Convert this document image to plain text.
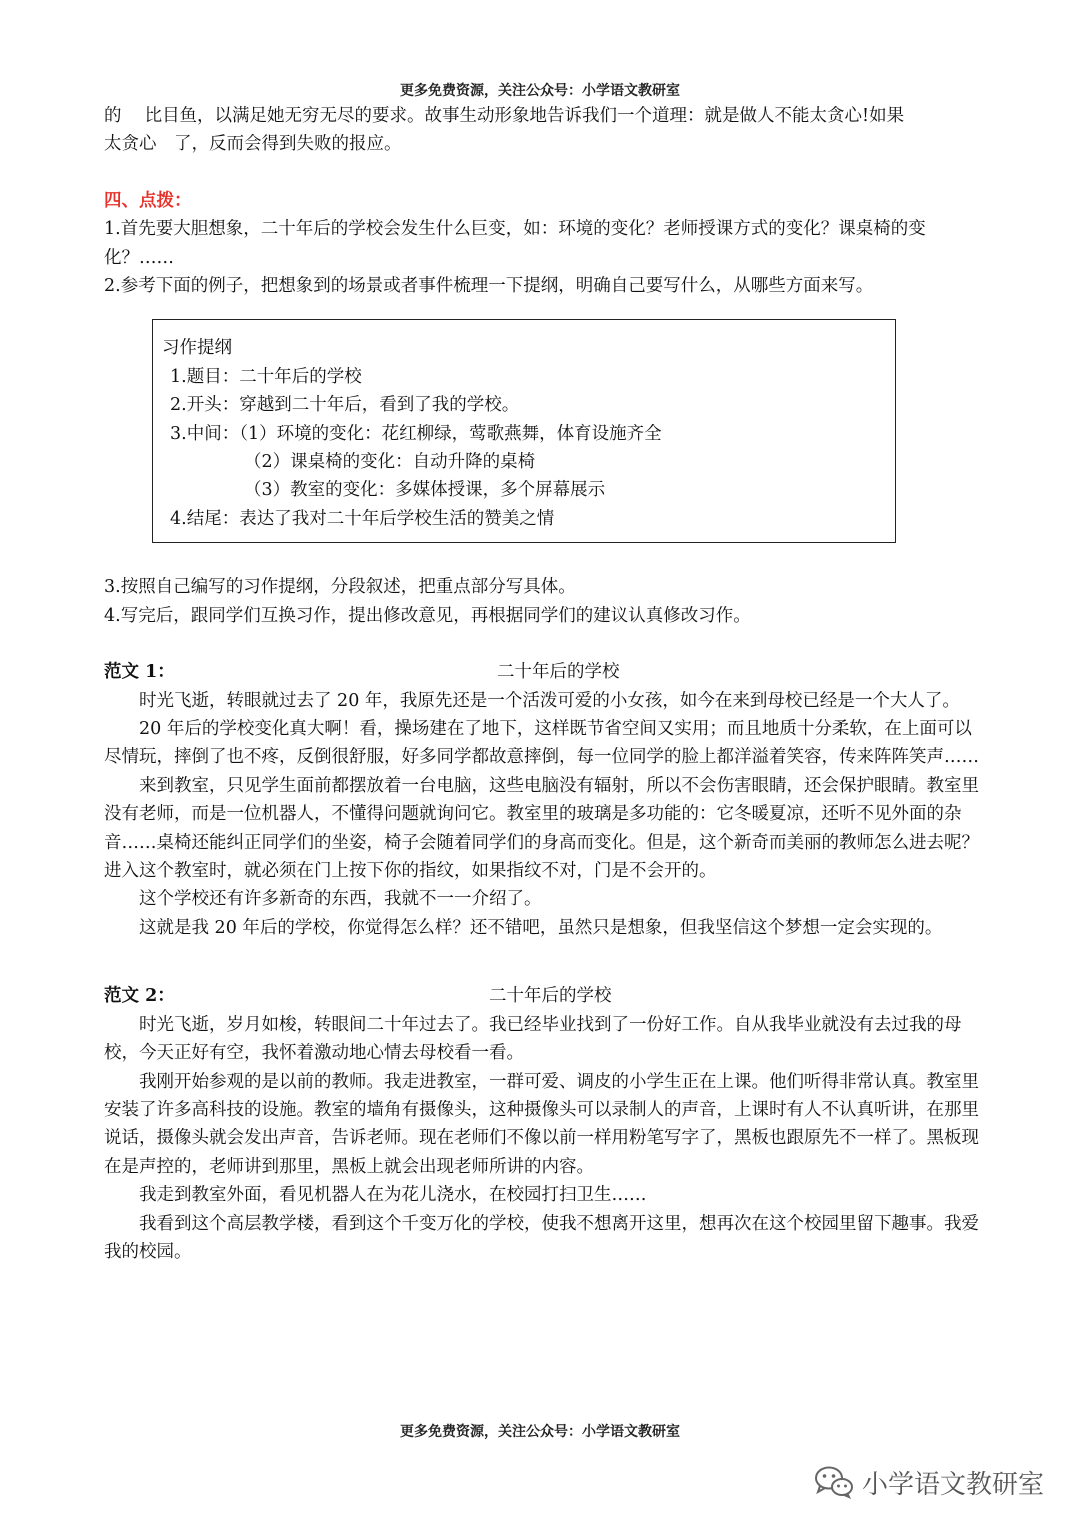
更多免费资源，关注公众号：小学语文教研室

的　 比目鱼，以满足她无穷无尽的要求。故事生动形象地告诉我们一个道理：就是做人不能太贪心!如果

太贪心　了，反而会得到失败的报应。

四、点拨：

1.首先要大胆想象，二十年后的学校会发生什么巨变，如：环境的变化？老师授课方式的变化？课桌椅的变化？……

2.参考下面的例子，把想象到的场景或者事件梳理一下提纲，明确自己要写什么，从哪些方面来写。

习作提纲

1.题目：二十年后的学校

2.开头：穿越到二十年后，看到了我的学校。

3.中间：（1）环境的变化：花红柳绿，莺歌燕舞，体育设施齐全

（2）课桌椅的变化：自动升降的桌椅

（3）教室的变化：多媒体授课，多个屏幕展示

4.结尾：表达了我对二十年后学校生活的赞美之情

3.按照自己编写的习作提纲，分段叙述，把重点部分写具体。

4.写完后，跟同学们互换习作，提出修改意见，再根据同学们的建议认真修改习作。

范文 1：	二十年后的学校

时光飞逝，转眼就过去了 20 年，我原先还是一个活泼可爱的小女孩，如今在来到母校已经是一个大人了。

20 年后的学校变化真大啊！看，操场建在了地下，这样既节省空间又实用；而且地质十分柔软，在上面可以尽情玩，摔倒了也不疼，反倒很舒服，好多同学都故意摔倒，每一位同学的脸上都洋溢着笑容，传来阵阵笑声……

来到教室，只见学生面前都摆放着一台电脑，这些电脑没有辐射，所以不会伤害眼睛，还会保护眼睛。教室里没有老师，而是一位机器人，不懂得问题就询问它。教室里的玻璃是多功能的：它冬暖夏凉，还听不见外面的杂音……桌椅还能纠正同学们的坐姿，椅子会随着同学们的身高而变化。但是，这个新奇而美丽的教师怎么进去呢？进入这个教室时，就必须在门上按下你的指纹，如果指纹不对，门是不会开的。

这个学校还有许多新奇的东西，我就不一一介绍了。

这就是我 20 年后的学校，你觉得怎么样？还不错吧，虽然只是想象，但我坚信这个梦想一定会实现的。

范文 2：	二十年后的学校

时光飞逝，岁月如梭，转眼间二十年过去了。我已经毕业找到了一份好工作。自从我毕业就没有去过我的母校，今天正好有空，我怀着激动地心情去母校看一看。

我刚开始参观的是以前的教师。我走进教室，一群可爱、调皮的小学生正在上课。他们听得非常认真。教室里安装了许多高科技的设施。教室的墙角有摄像头，这种摄像头可以录制人的声音，上课时有人不认真听讲，在那里说话，摄像头就会发出声音，告诉老师。现在老师们不像以前一样用粉笔写字了，黑板也跟原先不一样了。黑板现在是声控的，老师讲到那里，黑板上就会出现老师所讲的内容。

我走到教室外面，看见机器人在为花儿浇水，在校园打扫卫生……

我看到这个高层教学楼，看到这个千变万化的学校，使我不想离开这里，想再次在这个校园里留下趣事。我爱我的校园。

更多免费资源，关注公众号：小学语文教研室
小学语文教研室
